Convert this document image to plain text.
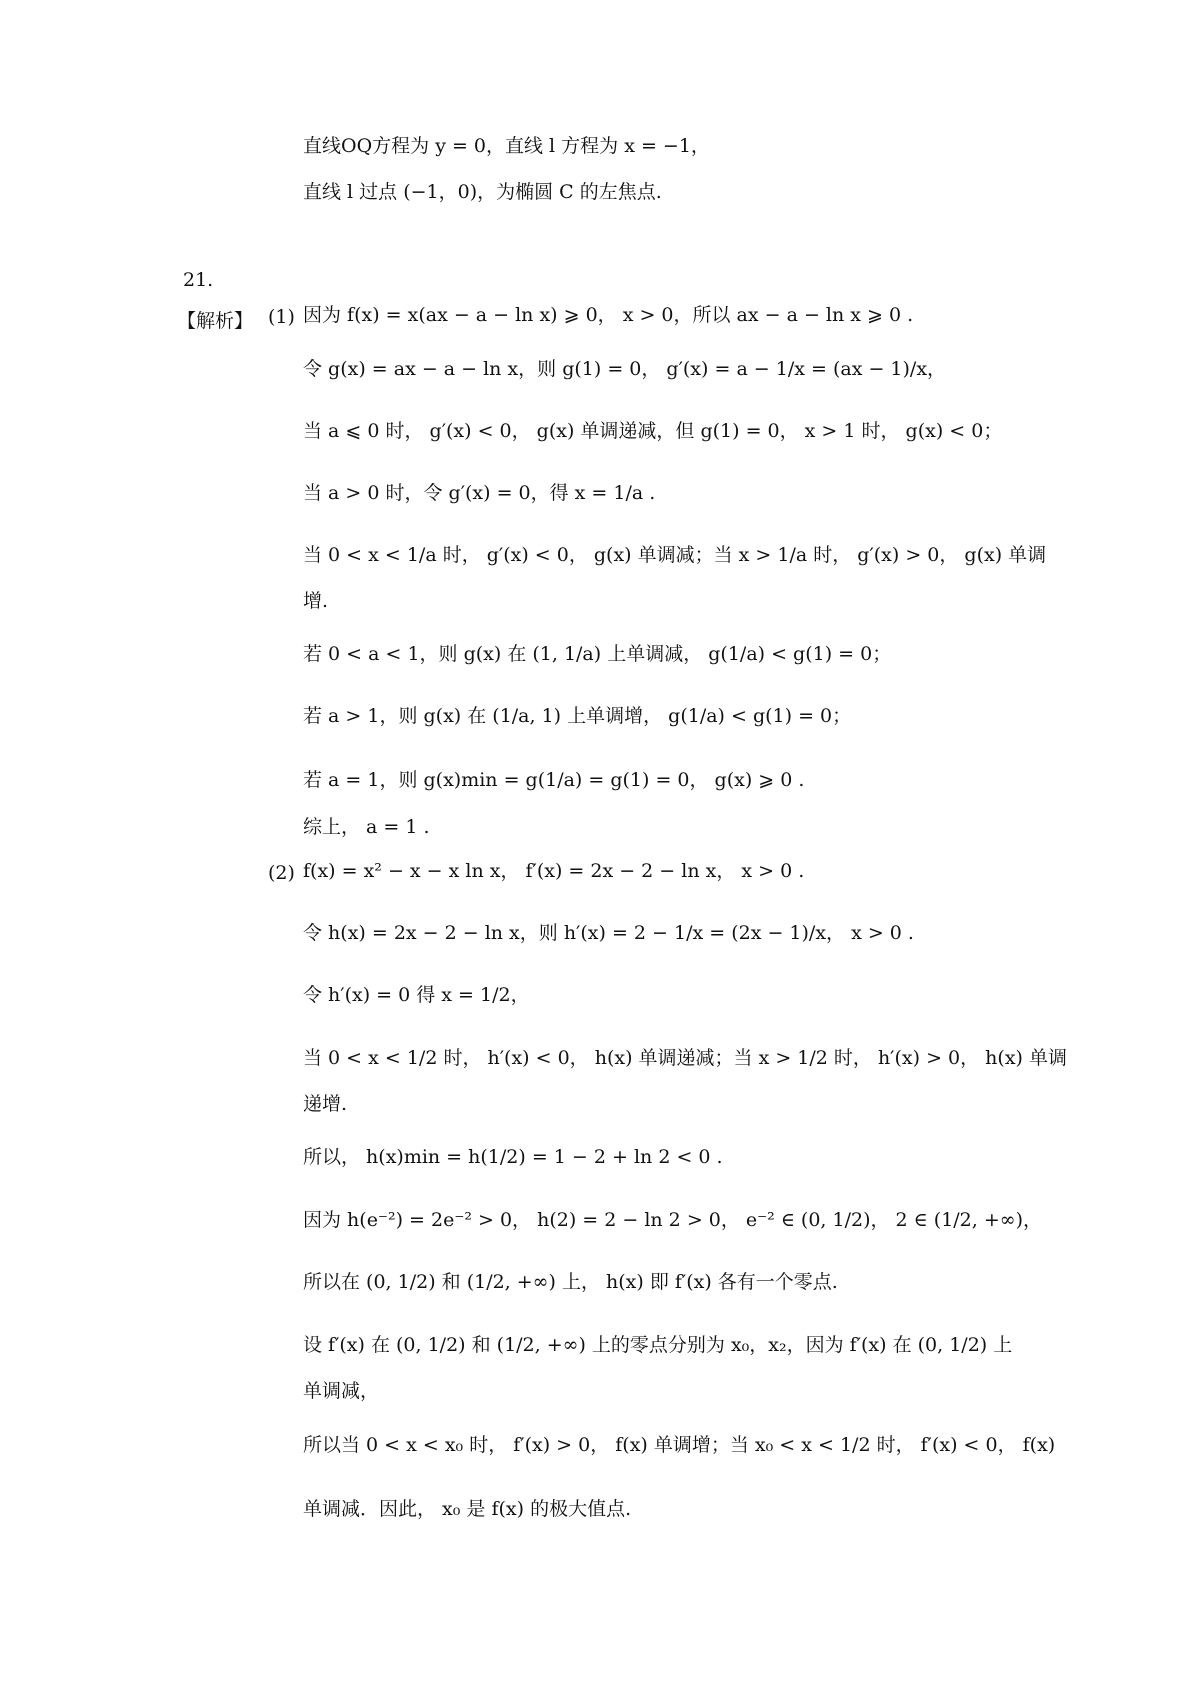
直线OQ方程为 y = 0，直线 l 方程为 x = −1，
直线 l 过点 (−1，0)，为椭圆 C 的左焦点.
21.
【解析】 (1) 因为 f(x) = x(ax − a − ln x) ⩾ 0， x > 0，所以 ax − a − ln x ⩾ 0 .
令 g(x) = ax − a − ln x，则 g(1) = 0， g′(x) = a − 1/x = (ax − 1)/x，
当 a ⩽ 0 时， g′(x) < 0， g(x) 单调递减，但 g(1) = 0， x > 1 时， g(x) < 0；
当 a > 0 时，令 g′(x) = 0，得 x = 1/a .
当 0 < x < 1/a 时， g′(x) < 0， g(x) 单调减；当 x > 1/a 时， g′(x) > 0， g(x) 单调
增.
若 0 < a < 1，则 g(x) 在 (1, 1/a) 上单调减， g(1/a) < g(1) = 0；
若 a > 1，则 g(x) 在 (1/a, 1) 上单调增， g(1/a) < g(1) = 0；
若 a = 1，则 g(x)min = g(1/a) = g(1) = 0， g(x) ⩾ 0 .
综上， a = 1 .
(2) f(x) = x² − x − x ln x， f′(x) = 2x − 2 − ln x， x > 0 .
令 h(x) = 2x − 2 − ln x，则 h′(x) = 2 − 1/x = (2x − 1)/x， x > 0 .
令 h′(x) = 0 得 x = 1/2，
当 0 < x < 1/2 时， h′(x) < 0， h(x) 单调递减；当 x > 1/2 时， h′(x) > 0， h(x) 单调
递增.
所以， h(x)min = h(1/2) = 1 − 2 + ln 2 < 0 .
因为 h(e⁻²) = 2e⁻² > 0， h(2) = 2 − ln 2 > 0， e⁻² ∈ (0, 1/2)， 2 ∈ (1/2, +∞)，
所以在 (0, 1/2) 和 (1/2, +∞) 上， h(x) 即 f′(x) 各有一个零点.
设 f′(x) 在 (0, 1/2) 和 (1/2, +∞) 上的零点分别为 x₀，x₂，因为 f′(x) 在 (0, 1/2) 上
单调减，
所以当 0 < x < x₀ 时， f′(x) > 0， f(x) 单调增；当 x₀ < x < 1/2 时， f′(x) < 0， f(x)
单调减．因此， x₀ 是 f(x) 的极大值点.
